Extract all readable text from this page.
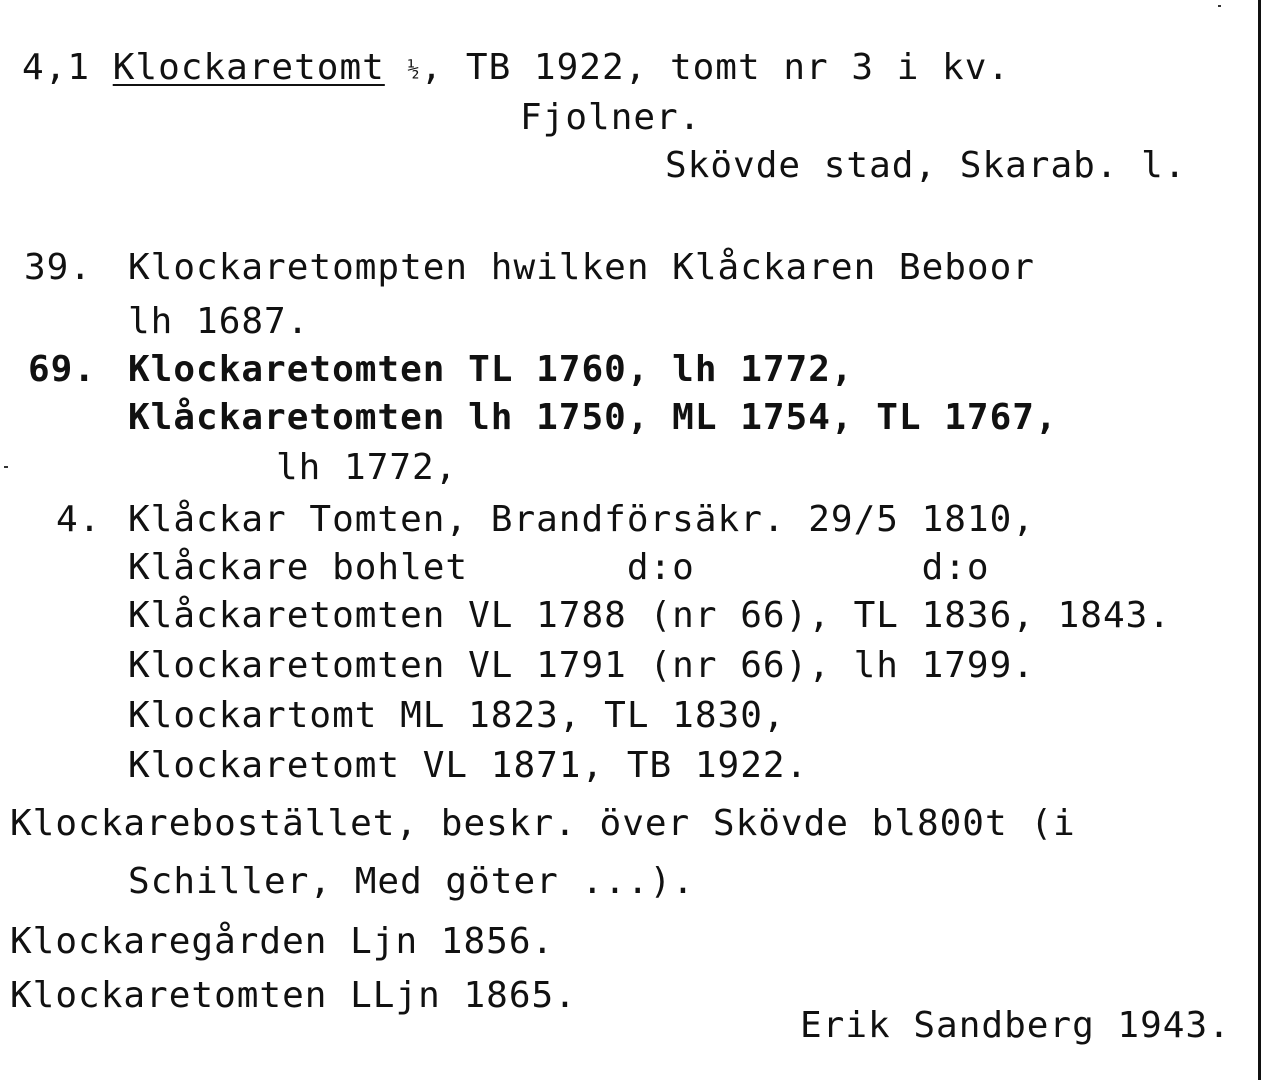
4,1 Klockaretomt ½, TB 1922, tomt nr 3 i kv.
Fjolner.
Skövde stad, Skarab. l.
39. Klockaretompten hwilken Klåckaren Beboor
lh 1687.
69. Klockaretomten TL 1760, lh 1772,
Klåckaretomten lh 1750, ML 1754, TL 1767,
lh 1772,
4. Klåckar Tomten, Brandförsäkr. 29/5 1810,
Klåckare bohlet       d:o          d:o
Klåckaretomten VL 1788 (nr 66), TL 1836, 1843.
Klockaretomten VL 1791 (nr 66), lh 1799.
Klockartomt ML 1823, TL 1830,
Klockaretomt VL 1871, TB 1922.
Klockarebostället, beskr. över Skövde bl800t (i
Schiller, Med göter ...).
Klockaregården Ljn 1856.
Klockaretomten LLjn 1865.
Erik Sandberg 1943.
